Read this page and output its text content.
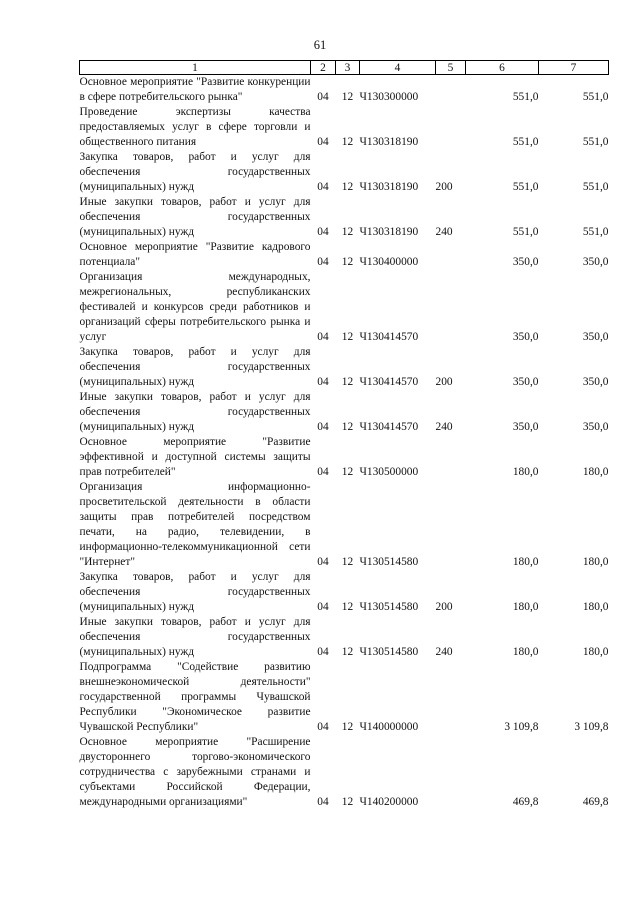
61
1	2	3	4	5	6	7
Основное мероприятие "Развитие конкуренции в сфере потребительского рынка"	04	12	Ч130300000		551,0	551,0
Проведение экспертизы качества предоставляемых услуг в сфере торговли и общественного питания	04	12	Ч130318190		551,0	551,0
Закупка товаров, работ и услуг для обеспечения государственных (муниципальных) нужд	04	12	Ч130318190	200	551,0	551,0
Иные закупки товаров, работ и услуг для обеспечения государственных (муниципальных) нужд	04	12	Ч130318190	240	551,0	551,0
Основное мероприятие "Развитие кадрового потенциала"	04	12	Ч130400000		350,0	350,0
Организация международных, межрегиональных, республиканских фестивалей и конкурсов среди работников и организаций сферы потребительского рынка и услуг	04	12	Ч130414570		350,0	350,0
Закупка товаров, работ и услуг для обеспечения государственных (муниципальных) нужд	04	12	Ч130414570	200	350,0	350,0
Иные закупки товаров, работ и услуг для обеспечения государственных (муниципальных) нужд	04	12	Ч130414570	240	350,0	350,0
Основное мероприятие "Развитие эффективной и доступной системы защиты прав потребителей"	04	12	Ч130500000		180,0	180,0
Организация информационно-просветительской деятельности в области защиты прав потребителей посредством печати, на радио, телевидении, в информационно-телекоммуникационной сети "Интернет"	04	12	Ч130514580		180,0	180,0
Закупка товаров, работ и услуг для обеспечения государственных (муниципальных) нужд	04	12	Ч130514580	200	180,0	180,0
Иные закупки товаров, работ и услуг для обеспечения государственных (муниципальных) нужд	04	12	Ч130514580	240	180,0	180,0
Подпрограмма "Содействие развитию внешнеэкономической деятельности" государственной программы Чувашской Республики "Экономическое развитие Чувашской Республики"	04	12	Ч140000000		3 109,8	3 109,8
Основное мероприятие "Расширение двустороннего торгово-экономического сотрудничества с зарубежными странами и субъектами Российской Федерации, международными организациями"	04	12	Ч140200000		469,8	469,8
